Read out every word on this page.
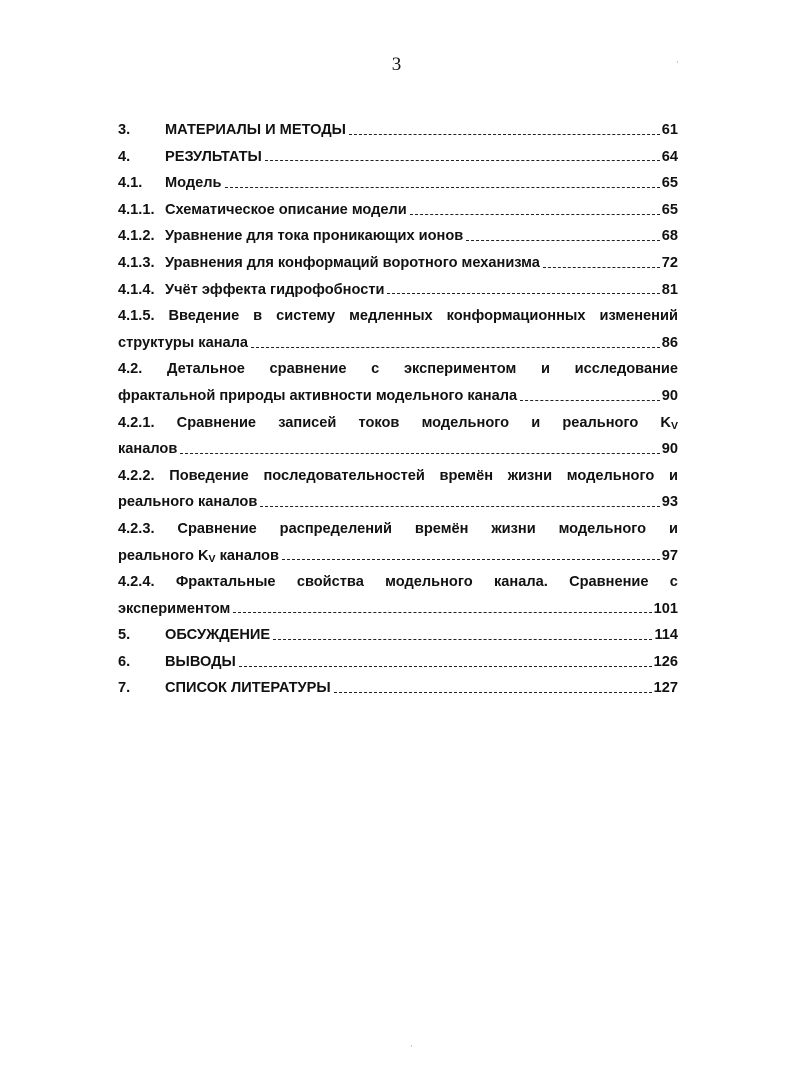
3
3.	МАТЕРИАЛЫ И МЕТОДЫ	61
4.	РЕЗУЛЬТАТЫ	64
4.1.	Модель	65
4.1.1. Схематическое описание модели	65
4.1.2. Уравнение для тока проникающих ионов	68
4.1.3. Уравнения для конформаций воротного механизма	72
4.1.4. Учёт эффекта гидрофобности	81
4.1.5. Введение в систему медленных конформационных изменений
структуры канала	86
4.2. Детальное сравнение с экспериментом и исследование
фрактальной природы активности модельного канала	90
4.2.1. Сравнение записей токов модельного и реального KV
каналов	90
4.2.2. Поведение последовательностей времён жизни модельного и
реального каналов	93
4.2.3. Сравнение распределений времён жизни модельного и
реального KV каналов	97
4.2.4. Фрактальные свойства модельного канала. Сравнение с
экспериментом	101
5.	ОБСУЖДЕНИЕ	114
6.	ВЫВОДЫ	126
7.	СПИСОК ЛИТЕРАТУРЫ	127
·
·
